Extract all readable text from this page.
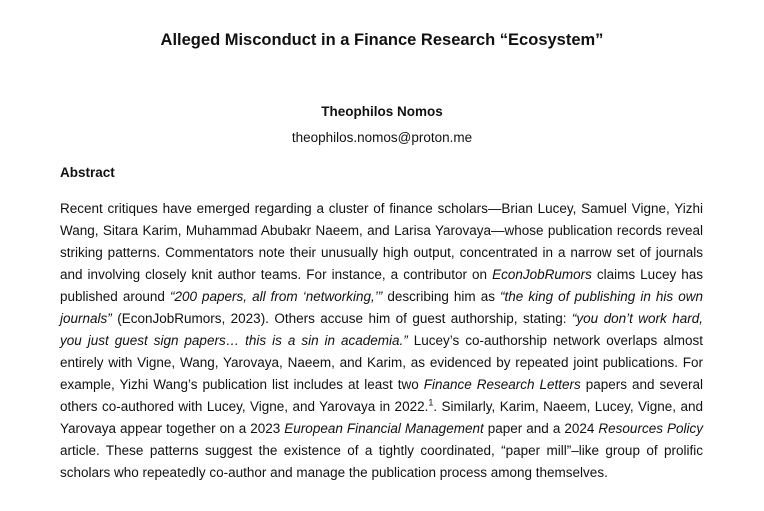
Alleged Misconduct in a Finance Research “Ecosystem”
Theophilos Nomos
theophilos.nomos@proton.me
Abstract
Recent critiques have emerged regarding a cluster of finance scholars—Brian Lucey, Samuel Vigne, Yizhi Wang, Sitara Karim, Muhammad Abubakr Naeem, and Larisa Yarovaya—whose publication records reveal striking patterns. Commentators note their unusually high output, concentrated in a narrow set of journals and involving closely knit author teams. For instance, a contributor on EconJobRumors claims Lucey has published around “200 papers, all from ‘networking,’” describing him as “the king of publishing in his own journals” (EconJobRumors, 2023). Others accuse him of guest authorship, stating: “you don’t work hard, you just guest sign papers… this is a sin in academia.” Lucey’s co-authorship network overlaps almost entirely with Vigne, Wang, Yarovaya, Naeem, and Karim, as evidenced by repeated joint publications. For example, Yizhi Wang’s publication list includes at least two Finance Research Letters papers and several others co-authored with Lucey, Vigne, and Yarovaya in 2022.$^1$. Similarly, Karim, Naeem, Lucey, Vigne, and Yarovaya appear together on a 2023 European Financial Management paper and a 2024 Resources Policy article. These patterns suggest the existence of a tightly coordinated, “paper mill”–like group of prolific scholars who repeatedly co-author and manage the publication process among themselves.
